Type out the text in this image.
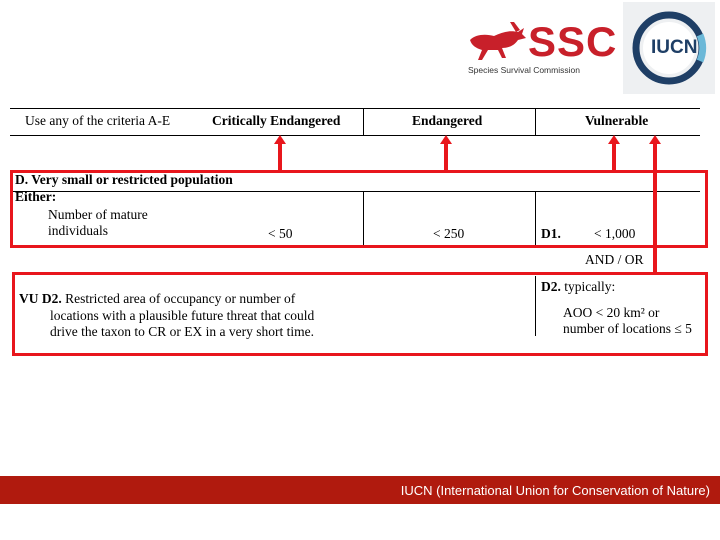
SSC
Species Survival Commission
IUCN
Use any of the criteria A-E	Critically Endangered	Endangered	Vulnerable
D. Very small or restricted population
Either:
Number of mature
individuals	< 50	< 250	D1. < 1,000
AND / OR
VU D2. Restricted area of occupancy or number of
locations with a plausible future threat that could
drive the taxon to CR or EX in a very short time.
D2. typically:
AOO < 20 km² or
number of locations ≤ 5
IUCN (International Union for Conservation of Nature)
